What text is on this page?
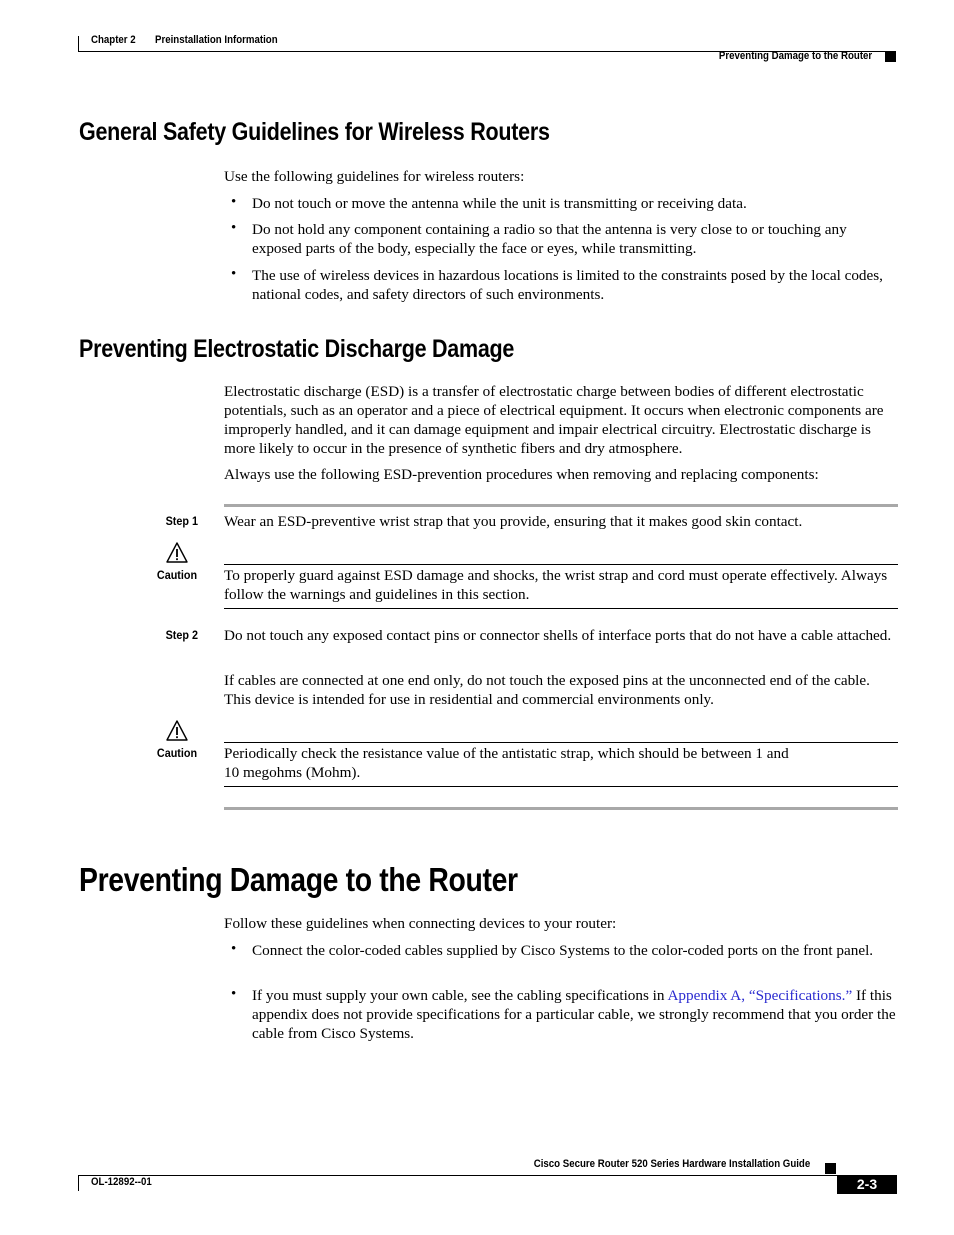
Chapter 2 Preinstallation Information
Preventing Damage to the Router
General Safety Guidelines for Wireless Routers
Use the following guidelines for wireless routers:
• Do not touch or move the antenna while the unit is transmitting or receiving data.
• Do not hold any component containing a radio so that the antenna is very close to or touching any exposed parts of the body, especially the face or eyes, while transmitting.
• The use of wireless devices in hazardous locations is limited to the constraints posed by the local codes, national codes, and safety directors of such environments.
Preventing Electrostatic Discharge Damage
Electrostatic discharge (ESD) is a transfer of electrostatic charge between bodies of different electrostatic potentials, such as an operator and a piece of electrical equipment. It occurs when electronic components are improperly handled, and it can damage equipment and impair electrical circuitry. Electrostatic discharge is more likely to occur in the presence of synthetic fibers and dry atmosphere.
Always use the following ESD-prevention procedures when removing and replacing components:
Step 1 Wear an ESD-preventive wrist strap that you provide, ensuring that it makes good skin contact.
Caution	To properly guard against ESD damage and shocks, the wrist strap and cord must operate effectively. Always follow the warnings and guidelines in this section.
Step 2 Do not touch any exposed contact pins or connector shells of interface ports that do not have a cable attached.
If cables are connected at one end only, do not touch the exposed pins at the unconnected end of the cable. This device is intended for use in residential and commercial environments only.
Caution	Periodically check the resistance value of the antistatic strap, which should be between 1 and
10 megohms (Mohm).
Preventing Damage to the Router
Follow these guidelines when connecting devices to your router:
• Connect the color-coded cables supplied by Cisco Systems to the color-coded ports on the front panel.
• If you must supply your own cable, see the cabling specifications in Appendix A, “Specifications.” If this appendix does not provide specifications for a particular cable, we strongly recommend that you order the cable from Cisco Systems.
Cisco Secure Router 520 Series Hardware Installation Guide
OL-12892--01	2-3
